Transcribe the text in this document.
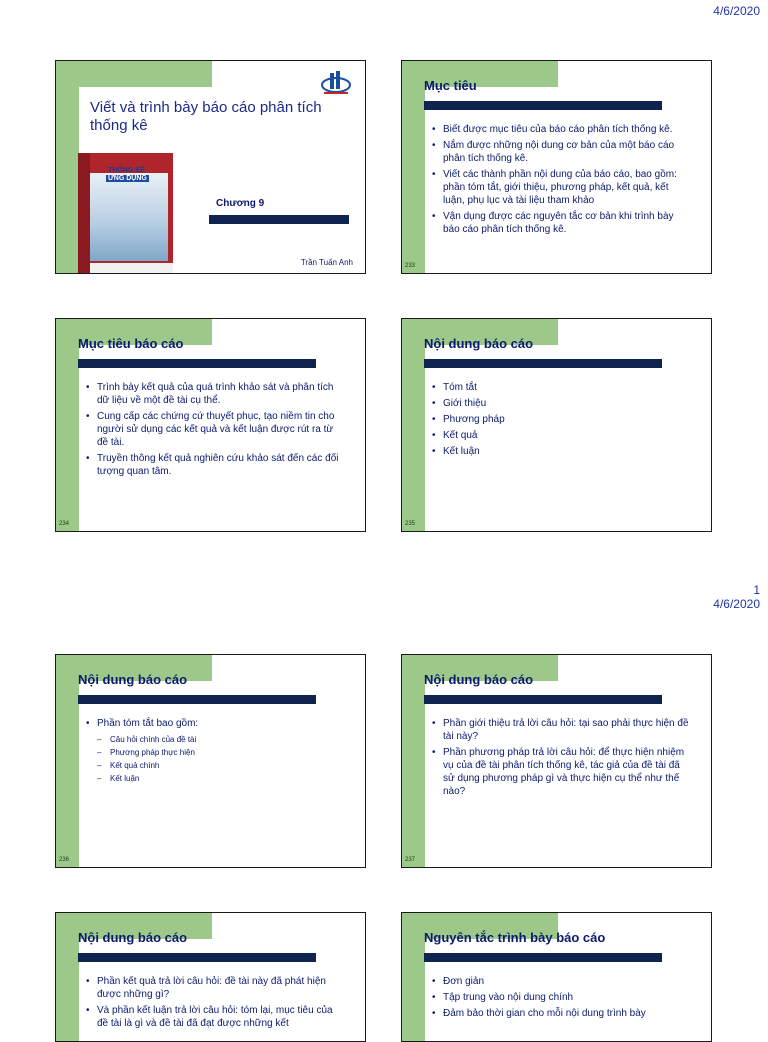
4/6/2020
1
4/6/2020
Viết và trình bày báo cáo phân tích thống kê
THỐNG KÊ
ỨNG DỤNG
Chương 9
Trần Tuấn Anh
Mục tiêu
• Biết được mục tiêu của báo cáo phân tích thống kê.
• Nắm được những nội dung cơ bản của một báo cáo phân tích thống kê.
• Viết các thành phần nội dung của báo cáo, bao gồm: phần tóm tắt, giới thiệu, phương pháp, kết quả, kết luận, phụ lục và tài liệu tham khảo
• Vận dụng được các nguyên tắc cơ bản khi trình bày báo cáo phân tích thống kê.
233
Mục tiêu báo cáo
• Trình bày kết quả của quá trình khảo sát và phân tích dữ liệu về một đề tài cụ thể.
• Cung cấp các chứng cứ thuyết phục, tạo niềm tin cho người sử dụng các kết quả và kết luận được rút ra từ đề tài.
• Truyền thông kết quả nghiên cứu khảo sát đến các đối tượng quan tâm.
234
Nội dung báo cáo
• Tóm tắt
• Giới thiệu
• Phương pháp
• Kết quả
• Kết luận
235
Nội dung báo cáo
• Phần tóm tắt bao gồm:
– Câu hỏi chính của đề tài
– Phương pháp thực hiện
– Kết quả chính
– Kết luận
236
Nội dung báo cáo
• Phần giới thiệu trả lời câu hỏi: tại sao phải thực hiện đề tài này?
• Phần phương pháp trả lời câu hỏi: để thực hiện nhiệm vụ của đề tài phân tích thống kê, tác giả của đề tài đã sử dụng phương pháp gì và thực hiện cụ thể như thế nào?
237
Nội dung báo cáo
• Phần kết quả trả lời câu hỏi: đề tài này đã phát hiện được những gì?
• Và phần kết luận trả lời câu hỏi: tóm lại, mục tiêu của đề tài là gì và đề tài đã đạt được những kết
Nguyên tắc trình bày báo cáo
• Đơn giản
• Tập trung vào nội dung chính
• Đảm bảo thời gian cho mỗi nội dung trình bày
